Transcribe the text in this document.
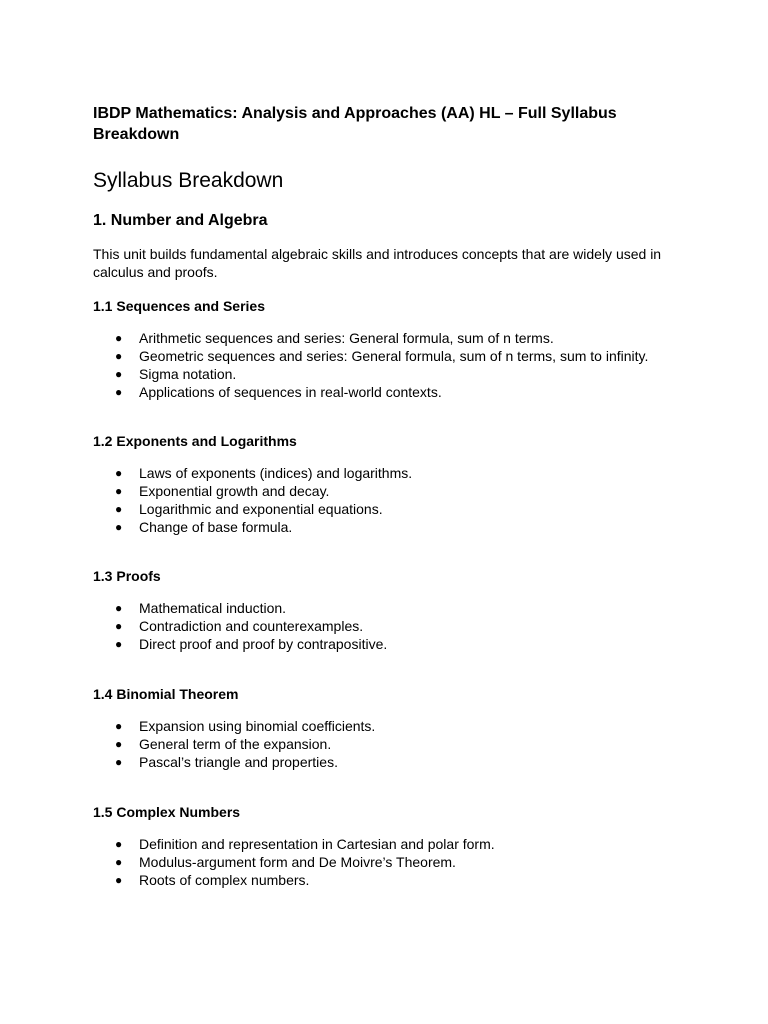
IBDP Mathematics: Analysis and Approaches (AA) HL – Full Syllabus Breakdown
Syllabus Breakdown
1. Number and Algebra

This unit builds fundamental algebraic skills and introduces concepts that are widely used in calculus and proofs.

1.1 Sequences and Series
● Arithmetic sequences and series: General formula, sum of n terms.
● Geometric sequences and series: General formula, sum of n terms, sum to infinity.
● Sigma notation.
● Applications of sequences in real-world contexts.
1.2 Exponents and Logarithms
● Laws of exponents (indices) and logarithms.
● Exponential growth and decay.
● Logarithmic and exponential equations.
● Change of base formula.
1.3 Proofs
● Mathematical induction.
● Contradiction and counterexamples.
● Direct proof and proof by contrapositive.
1.4 Binomial Theorem
● Expansion using binomial coefficients.
● General term of the expansion.
● Pascal’s triangle and properties.
1.5 Complex Numbers
● Definition and representation in Cartesian and polar form.
● Modulus-argument form and De Moivre’s Theorem.
● Roots of complex numbers.
